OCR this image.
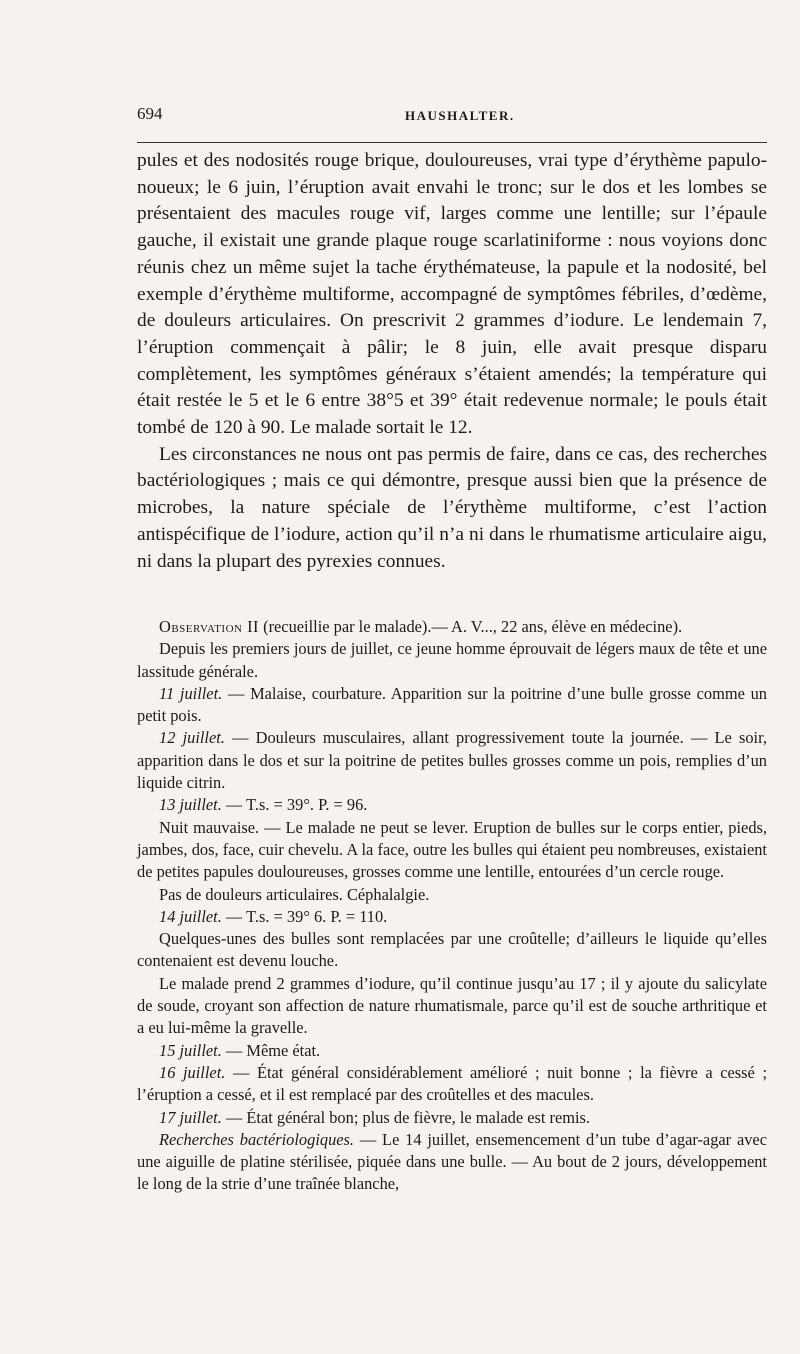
694	HAUSHALTER.

pules et des nodosités rouge brique, douloureuses, vrai type d’érythème papulo-noueux; le 6 juin, l’éruption avait envahi le tronc; sur le dos et les lombes se présentaient des macules rouge vif, larges comme une lentille; sur l’épaule gauche, il existait une grande plaque rouge scarlatiniforme : nous voyions donc réunis chez un même sujet la tache érythémateuse, la papule et la nodosité, bel exemple d’érythème multiforme, accompagné de symptômes fébriles, d’œdème, de douleurs articulaires. On prescrivit 2 grammes d’iodure. Le lendemain 7, l’éruption commençait à pâlir; le 8 juin, elle avait presque disparu complètement, les symptômes généraux s’étaient amendés; la température qui était restée le 5 et le 6 entre 38°5 et 39° était redevenue normale; le pouls était tombé de 120 à 90. Le malade sortait le 12.

Les circonstances ne nous ont pas permis de faire, dans ce cas, des recherches bactériologiques ; mais ce qui démontre, presque aussi bien que la présence de microbes, la nature spéciale de l’érythème multiforme, c’est l’action antispécifique de l’iodure, action qu’il n’a ni dans le rhumatisme articulaire aigu, ni dans la plupart des pyrexies connues.

Observation II (recueillie par le malade).— A. V..., 22 ans, élève en médecine).

Depuis les premiers jours de juillet, ce jeune homme éprouvait de légers maux de tête et une lassitude générale.

11 juillet. — Malaise, courbature. Apparition sur la poitrine d’une bulle grosse comme un petit pois.

12 juillet. — Douleurs musculaires, allant progressivement toute la journée. — Le soir, apparition dans le dos et sur la poitrine de petites bulles grosses comme un pois, remplies d’un liquide citrin.

13 juillet. — T.s. = 39°. P. = 96.

Nuit mauvaise. — Le malade ne peut se lever. Eruption de bulles sur le corps entier, pieds, jambes, dos, face, cuir chevelu. A la face, outre les bulles qui étaient peu nombreuses, existaient de petites papules douloureuses, grosses comme une lentille, entourées d’un cercle rouge.

Pas de douleurs articulaires. Céphalalgie.

14 juillet. — T.s. = 39° 6. P. = 110.

Quelques-unes des bulles sont remplacées par une croûtelle; d’ailleurs le liquide qu’elles contenaient est devenu louche.

Le malade prend 2 grammes d’iodure, qu’il continue jusqu’au 17 ; il y ajoute du salicylate de soude, croyant son affection de nature rhumatismale, parce qu’il est de souche arthritique et a eu lui-même la gravelle.

15 juillet. — Même état.

16 juillet. — État général considérablement amélioré ; nuit bonne ; la fièvre a cessé ; l’éruption a cessé, et il est remplacé par des croûtelles et des macules.

17 juillet. — État général bon; plus de fièvre, le malade est remis.

Recherches bactériologiques. — Le 14 juillet, ensemencement d’un tube d’agar-agar avec une aiguille de platine stérilisée, piquée dans une bulle. — Au bout de 2 jours, développement le long de la strie d’une traînée blanche,
